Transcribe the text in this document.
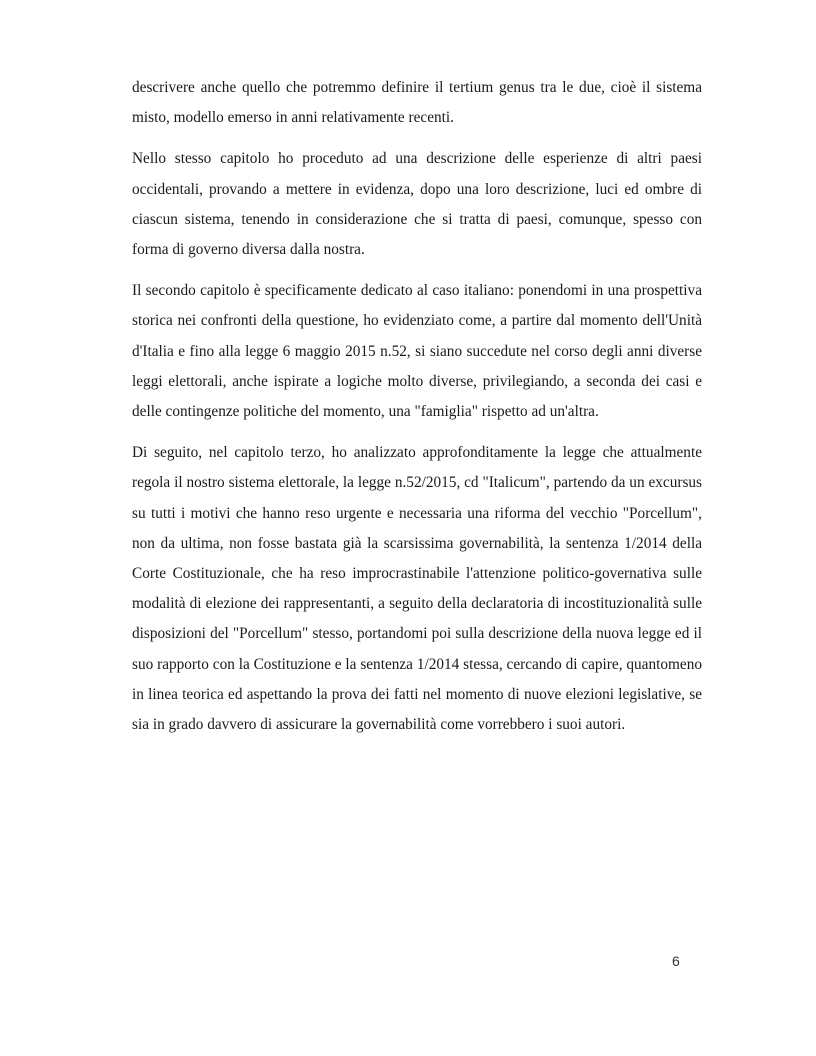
descrivere anche quello che potremmo definire il tertium genus tra le due, cioè il sistema misto, modello emerso in anni relativamente recenti.

Nello stesso capitolo ho proceduto ad una descrizione delle esperienze di altri paesi occidentali, provando a mettere in evidenza, dopo una loro descrizione, luci ed ombre di ciascun sistema, tenendo in considerazione che si tratta di paesi, comunque, spesso con forma di governo diversa dalla nostra.

Il secondo capitolo è specificamente dedicato al caso italiano: ponendomi in una prospettiva storica nei confronti della questione, ho evidenziato come, a partire dal momento dell'Unità d'Italia e fino alla legge 6 maggio 2015 n.52, si siano succedute nel corso degli anni diverse leggi elettorali, anche ispirate a logiche molto diverse, privilegiando, a seconda dei casi e delle contingenze politiche del momento, una "famiglia" rispetto ad un'altra.

Di seguito, nel capitolo terzo, ho analizzato approfonditamente la legge che attualmente regola il nostro sistema elettorale, la legge n.52/2015, cd "Italicum", partendo da un excursus su tutti i motivi che hanno reso urgente e necessaria una riforma del vecchio "Porcellum", non da ultima, non fosse bastata già la scarsissima governabilità, la sentenza 1/2014 della Corte Costituzionale, che ha reso improcrastinabile l'attenzione politico-governativa sulle modalità di elezione dei rappresentanti, a seguito della declaratoria di incostituzionalità sulle disposizioni del "Porcellum" stesso, portandomi poi sulla descrizione della nuova legge ed il suo rapporto con la Costituzione e la sentenza 1/2014 stessa, cercando di capire, quantomeno in linea teorica ed aspettando la prova dei fatti nel momento di nuove elezioni legislative, se sia in grado davvero di assicurare la governabilità come vorrebbero i suoi autori.

6
